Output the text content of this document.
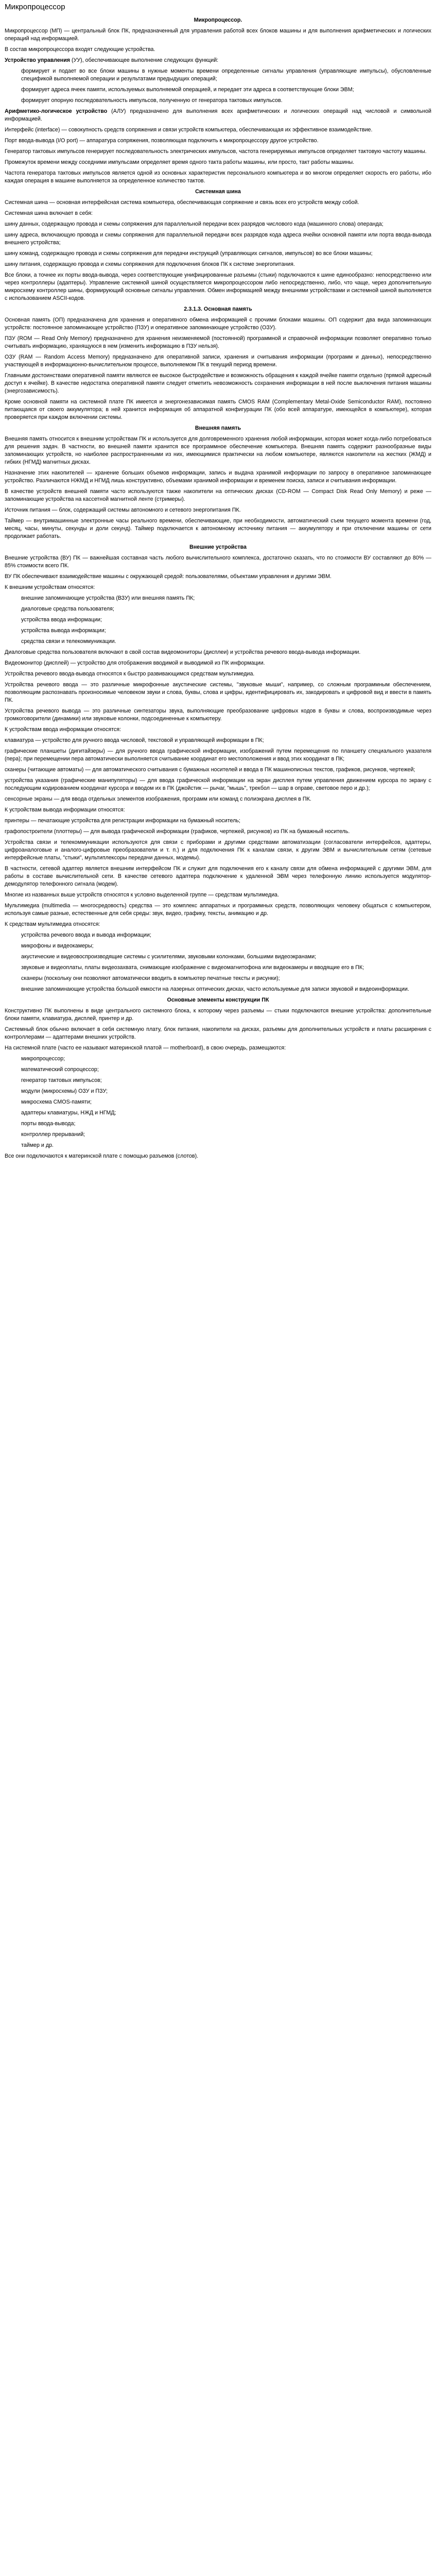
Микропроцессор

Микропроцессор.

Микропроцессор (МП) — центральный блок ПК, предназначенный для управления работой всех блоков машины и для выполнения арифметических и логических операций над информацией.

В состав микропроцессора входят следующие устройства.

Устройство управления (УУ), обеспечивающее выполнение следующих функций:

формирует и подает во все блоки машины в нужные моменты времени определенные сигналы управления (управляющие импульсы), обусловленные спецификой выполняемой операции и результатами предыдущих операций;

формирует адреса ячеек памяти, используемых выполняемой операцией, и передает эти адреса в соответствующие блоки ЭВМ;

формирует опорную последовательность импульсов, полученную от генератора тактовых импульсов.

Арифметико-логическое устройство (АЛУ) предназначено для выполнения всех арифметических и логических операций над числовой и символьной информацией.

Интерфейс (interface) — совокупность средств сопряжения и связи устройств компьютера, обеспечивающая их эффективное взаимодействие.

Порт ввода-вывода (I/O port) — аппаратура сопряжения, позволяющая подключить к микропроцессору другое устройство.

Генератор тактовых импульсов генерирует последовательность электрических импульсов, частота генерируемых импульсов определяет тактовую частоту машины.

Промежуток времени между соседними импульсами определяет время одного такта работы машины, или просто, такт работы машины.

Частота генератора тактовых импульсов является одной из основных характеристик персонального компьютера и во многом определяет скорость его работы, ибо каждая операция в машине выполняется за определенное количество тактов.

Системная шина

Системная шина — основная интерфейсная система компьютера, обеспечивающая сопряжение и связь всех его устройств между собой.

Системная шина включает в себя:

шину данных, содержащую провода и схемы сопряжения для параллельной передачи всех разрядов числового кода (машинного слова) операнда;

шину адреса, включающую провода и схемы сопряжения для параллельной передачи всех разрядов кода адреса ячейки основной памяти или порта ввода-вывода внешнего устройства;

шину команд, содержащую провода и схемы сопряжения для передачи инструкций (управляющих сигналов, импульсов) во все блоки машины;

шину питания, содержащую провода и схемы сопряжения для подключения блоков ПК к системе энергопитания.

Все блоки, а точнее их порты ввода-вывода, через соответствующие унифицированные разъемы (стыки) подключаются к шине единообразно: непосредственно или через контроллеры (адаптеры). Управление системной шиной осуществляется микропроцессором либо непосредственно, либо, что чаще, через дополнительную микросхему контроллер шины, формирующий основные сигналы управления. Обмен информацией между внешними устройствами и системной шиной выполняется с использованием ASCII-кодов.

2.3.1.3. Основная память

Основная память (ОП) предназначена для хранения и оперативного обмена информацией с прочими блоками машины. ОП содержит два вида запоминающих устройств: постоянное запоминающее устройство (ПЗУ) и оперативное запоминающее устройство (ОЗУ).

ПЗУ (ROM — Read Only Memory) предназначено для хранения неизменяемой (постоянной) программной и справочной информации позволяет оперативно только считывать информацию, хранящуюся в нем (изменить информацию в ПЗУ нельзя).

ОЗУ (RAM — Random Access Memory) предназначено для оперативной записи, хранения и считывания информации (программ и данных), непосредственно участвующей в информационно-вычислительном процессе, выполняемом ПК в текущий период времени.

Главными достоинствами оперативной памяти являются ее высокое быстродействие и возможность обращения к каждой ячейке памяти отдельно (прямой адресный доступ к ячейке). В качестве недостатка оперативной памяти следует отметить невозможность сохранения информации в ней после выключения питания машины (энергозависимость).

Кроме основной памяти на системной плате ПК имеется и энергонезависимая память CMOS RAM (Complementary Metal-Oxide Semiconductor RAM), постоянно питающаяся от своего аккумулятора; в ней хранится информация об аппаратной конфигурации ПК (обо всей аппаратуре, имеющейся в компьютере), которая проверяется при каждом включении системы.

Внешняя память

Внешняя память относится к внешним устройствам ПК и используется для долговременного хранения любой информации, которая может когда-либо потребоваться для решения задач. В частности, во внешней памяти хранится все программное обеспечение компьютера. Внешняя память содержит разнообразные виды запоминающих устройств, но наиболее распространенными из них, имеющимися практически на любом компьютере, являются накопители на жестких (ЖМД) и гибких (НГМД) магнитных дисках.

Назначение этих накопителей — хранение больших объемов информации, запись и выдача хранимой информации по запросу в оперативное запоминающее устройство. Различаются НЖМД и НГМД лишь конструктивно, объемами хранимой информации и временем поиска, записи и считывания информации.

В качестве устройств внешней памяти часто используются также накопители на оптических дисках (CD-ROM — Compact Disk Read Only Memory) и реже — запоминающие устройства на кассетной магнитной ленте (стримеры).

Источник питания — блок, содержащий системы автономного и сетевого энергопитания ПК.

Таймер — внутримашинные электронные часы реального времени, обеспечивающие, при необходимости, автоматический съем текущего момента времени (год, месяц, часы, минуты, секунды и доли секунд). Таймер подключается к автономному источнику питания — аккумулятору и при отключении машины от сети продолжает работать.

Внешние устройства

Внешние устройства (ВУ) ПК — важнейшая составная часть любого вычислительного комплекса, достаточно сказать, что по стоимости ВУ составляют до 80% — 85% стоимости всего ПК.

ВУ ПК обеспечивают взаимодействие машины с окружающей средой: пользователями, объектами управления и другими ЭВМ.

К внешним устройствам относятся:

внешние запоминающие устройства (ВЗУ) или внешняя память ПК;

диалоговые средства пользователя;

устройства ввода информации;

устройства вывода информации;

средства связи и телекоммуникации.

Диалоговые средства пользователя включают в свой состав видеомониторы (дисплеи) и устройства речевого ввода-вывода информации.

Видеомонитор (дисплей) — устройство для отображения вводимой и выводимой из ПК информации.

Устройства речевого ввода-вывода относятся к быстро развивающимся средствам мультимедиа.

Устройства речевого ввода — это различные микрофонные акустические системы, "звуковые мыши", например, со сложным программным обеспечением, позволяющим распознавать произносимые человеком звуки и слова, буквы, слова и цифры, идентифицировать их, закодировать и цифровой вид и ввести в память ПК.

Устройства речевого вывода — это различные синтезаторы звука, выполняющие преобразование цифровых кодов в буквы и слова, воспроизводимые через громкоговорители (динамики) или звуковые колонки, подсоединенные к компьютеру.

К устройствам ввода информации относятся:

клавиатура — устройство для ручного ввода числовой, текстовой и управляющей информации в ПК;

графические планшеты (дигитайзеры) — для ручного ввода графической информации, изображений путем перемещения по планшету специального указателя (пера); при перемещении пера автоматически выполняется считывание координат его местоположения и ввод этих координат в ПК;

сканеры (читающие автоматы) — для автоматического считывания с бумажных носителей и ввода в ПК машинописных текстов, графиков, рисунков, чертежей;

устройства указания (графические манипуляторы) — для ввода графической информации на экран дисплея путем управления движением курсора по экрану с последующим кодированием координат курсора и вводом их в ПК (джойстик — рычаг, "мышь", трекбол — шар в оправе, световое перо и др.);

сенсорные экраны — для ввода отдельных элементов изображения, программ или команд с полиэкрана дисплея в ПК.

К устройствам вывода информации относятся:

принтеры — печатающие устройства для регистрации информации на бумажный носитель;

графопостроители (плоттеры) — для вывода графической информации (графиков, чертежей, рисунков) из ПК на бумажный носитель.

Устройства связи и телекоммуникации используются для связи с приборами и другими средствами автоматизации (согласователи интерфейсов, адаптеры, цифроаналоговые и аналого-цифровые преобразователи и т. п.) и для подключения ПК к каналам связи, к другим ЭВМ и вычислительным сетям (сетевые интерфейсные платы, "стыки", мультиплексоры передачи данных, модемы).

В частности, сетевой адаптер является внешним интерфейсом ПК и служит для подключения его к каналу связи для обмена информацией с другими ЭВМ, для работы в составе вычислительной сети. В качестве сетевого адаптера подключение к удаленной ЭВМ через телефонную линию используется модулятор-демодулятор телефонного сигнала (модем).

Многие из названных выше устройств относятся к условно выделенной группе — средствам мультимедиа.

Мультимедиа (multimedia — многосредовость) средства — это комплекс аппаратных и программных средств, позволяющих человеку общаться с компьютером, используя самые разные, естественные для себя среды: звук, видео, графику, тексты, анимацию и др.

К средствам мультимедиа относятся:

устройства речевого ввода и вывода информации;

микрофоны и видеокамеры;

акустические и видеовоспроизводящие системы с усилителями, звуковыми колонками, большими видеоэкранами;

звуковые и видеоплаты, платы видеозахвата, снимающие изображение с видеомагнитофона или видеокамеры и вводящие его в ПК;

сканеры (поскольку они позволяют автоматически вводить в компьютер печатные тексты и рисунки);

внешние запоминающие устройства большой емкости на лазерных оптических дисках, часто используемые для записи звуковой и видеоинформации.

Основные элементы конструкции ПК

Конструктивно ПК выполнены в виде центрального системного блока, к которому через разъемы — стыки подключаются внешние устройства: дополнительные блоки памяти, клавиатура, дисплей, принтер и др.

Системный блок обычно включает в себя системную плату, блок питания, накопители на дисках, разъемы для дополнительных устройств и платы расширения с контроллерами — адаптерами внешних устройств.

На системной плате (часто ее называют материнской платой — motherboard), в свою очередь, размещаются:

микропроцессор;

математический сопроцессор;

генератор тактовых импульсов;

модули (микросхемы) ОЗУ и ПЗУ;

микросхема CMOS-памяти;

адаптеры клавиатуры, НЖД и НГМД;

порты ввода-вывода;

контроллер прерываний;

таймер и др.

Все они подключаются к материнской плате с помощью разъемов (слотов).
